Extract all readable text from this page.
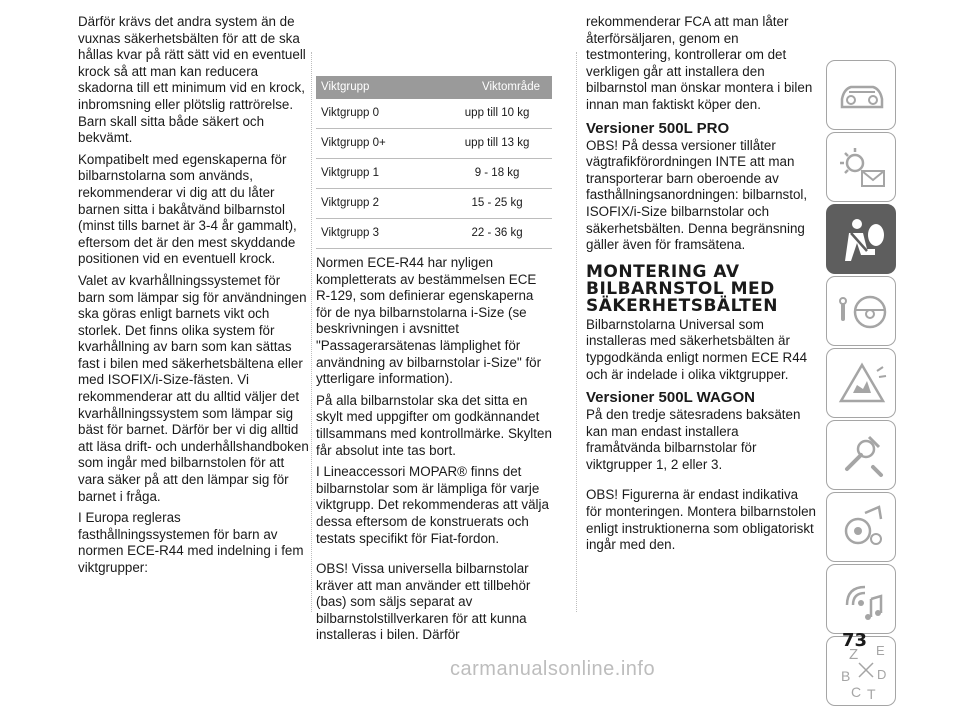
Därför krävs det andra system än de vuxnas säkerhetsbälten för att de ska hållas kvar på rätt sätt vid en eventuell krock så att man kan reducera skadorna till ett minimum vid en krock, inbromsning eller plötslig rattrörelse. Barn skall sitta både säkert och bekvämt.

Kompatibelt med egenskaperna för bilbarnstolarna som används, rekommenderar vi dig att du låter barnen sitta i bakåtvänd bilbarnstol (minst tills barnet är 3-4 år gammalt), eftersom det är den mest skyddande positionen vid en eventuell krock.

Valet av kvarhållningssystemet för barn som lämpar sig för användningen ska göras enligt barnets vikt och storlek. Det finns olika system för kvarhållning av barn som kan sättas fast i bilen med säkerhetsbältena eller med ISOFIX/i-Size-fästen. Vi rekommenderar att du alltid väljer det kvarhållningssystem som lämpar sig bäst för barnet. Därför ber vi dig alltid att läsa drift- och underhållshandboken som ingår med bilbarnstolen för att vara säker på att den lämpar sig för barnet i fråga.

I Europa regleras fasthållningssystemen för barn av normen ECE-R44 med indelning i fem viktgrupper:

Viktgrupp	Viktområde
Viktgrupp 0	upp till 10 kg
Viktgrupp 0+	upp till 13 kg
Viktgrupp 1	9 - 18 kg
Viktgrupp 2	15 - 25 kg
Viktgrupp 3	22 - 36 kg

Normen ECE-R44 har nyligen kompletterats av bestämmelsen ECE R-129, som definierar egenskaperna för de nya bilbarnstolarna i-Size (se beskrivningen i avsnittet "Passagerarsätenas lämplighet för användning av bilbarnstolar i-Size" för ytterligare information).

På alla bilbarnstolar ska det sitta en skylt med uppgifter om godkännandet tillsammans med kontrollmärke. Skylten får absolut inte tas bort.

I Lineaccessori MOPAR® finns det bilbarnstolar som är lämpliga för varje viktgrupp. Det rekommenderas att välja dessa eftersom de konstruerats och testats specifikt för Fiat-fordon.

OBS! Vissa universella bilbarnstolar kräver att man använder ett tillbehör (bas) som säljs separat av bilbarnstolstillverkaren för att kunna installeras i bilen. Därför

rekommenderar FCA att man låter återförsäljaren, genom en testmontering, kontrollerar om det verkligen går att installera den bilbarnstol man önskar montera i bilen innan man faktiskt köper den.

Versioner 500L PRO

OBS! På dessa versioner tillåter vägtrafikförordningen INTE att man transporterar barn oberoende av fasthållningsanordningen: bilbarnstol, ISOFIX/i-Size bilbarnstolar och säkerhetsbälten. Denna begränsning gäller även för framsätena.

MONTERING AV BILBARNSTOL MED SÄKERHETSBÄLTEN

Bilbarnstolarna Universal som installeras med säkerhetsbälten är typgodkända enligt normen ECE R44 och är indelade i olika viktgrupper.

Versioner 500L WAGON

På den tredje sätesradens baksäten kan man endast installera framåtvända bilbarnstolar för viktgrupper 1, 2 eller 3.

OBS! Figurerna är endast indikativa för monteringen. Montera bilbarnstolen enligt instruktionerna som obligatoriskt ingår med den.

Z E
B D
C T
73
carmanualsonline.info
